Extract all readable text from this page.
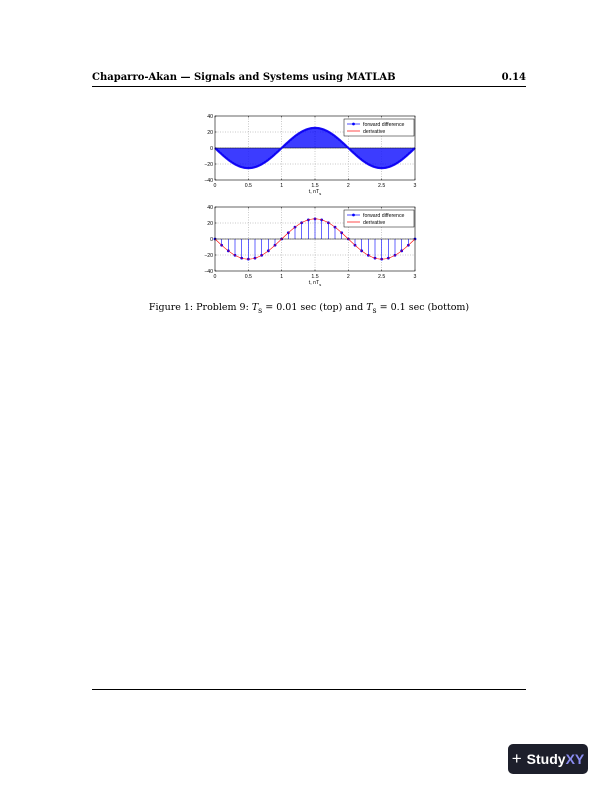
Chaparro-Akan — Signals and Systems using MATLAB	0.14
0	0.5	1	1.5	2	2.5	3
40
20
0
−20
−40
t, $nT_s$
forward difference
derivative
0	0.5	1	1.5	2	2.5	3
40
20
0
−20
−40
t, $nT_s$
forward difference
derivative
Figure 1: Problem 9: $T_s = 0.01$ sec (top) and $T_s = 0.1$ sec (bottom)
+ StudyXY
